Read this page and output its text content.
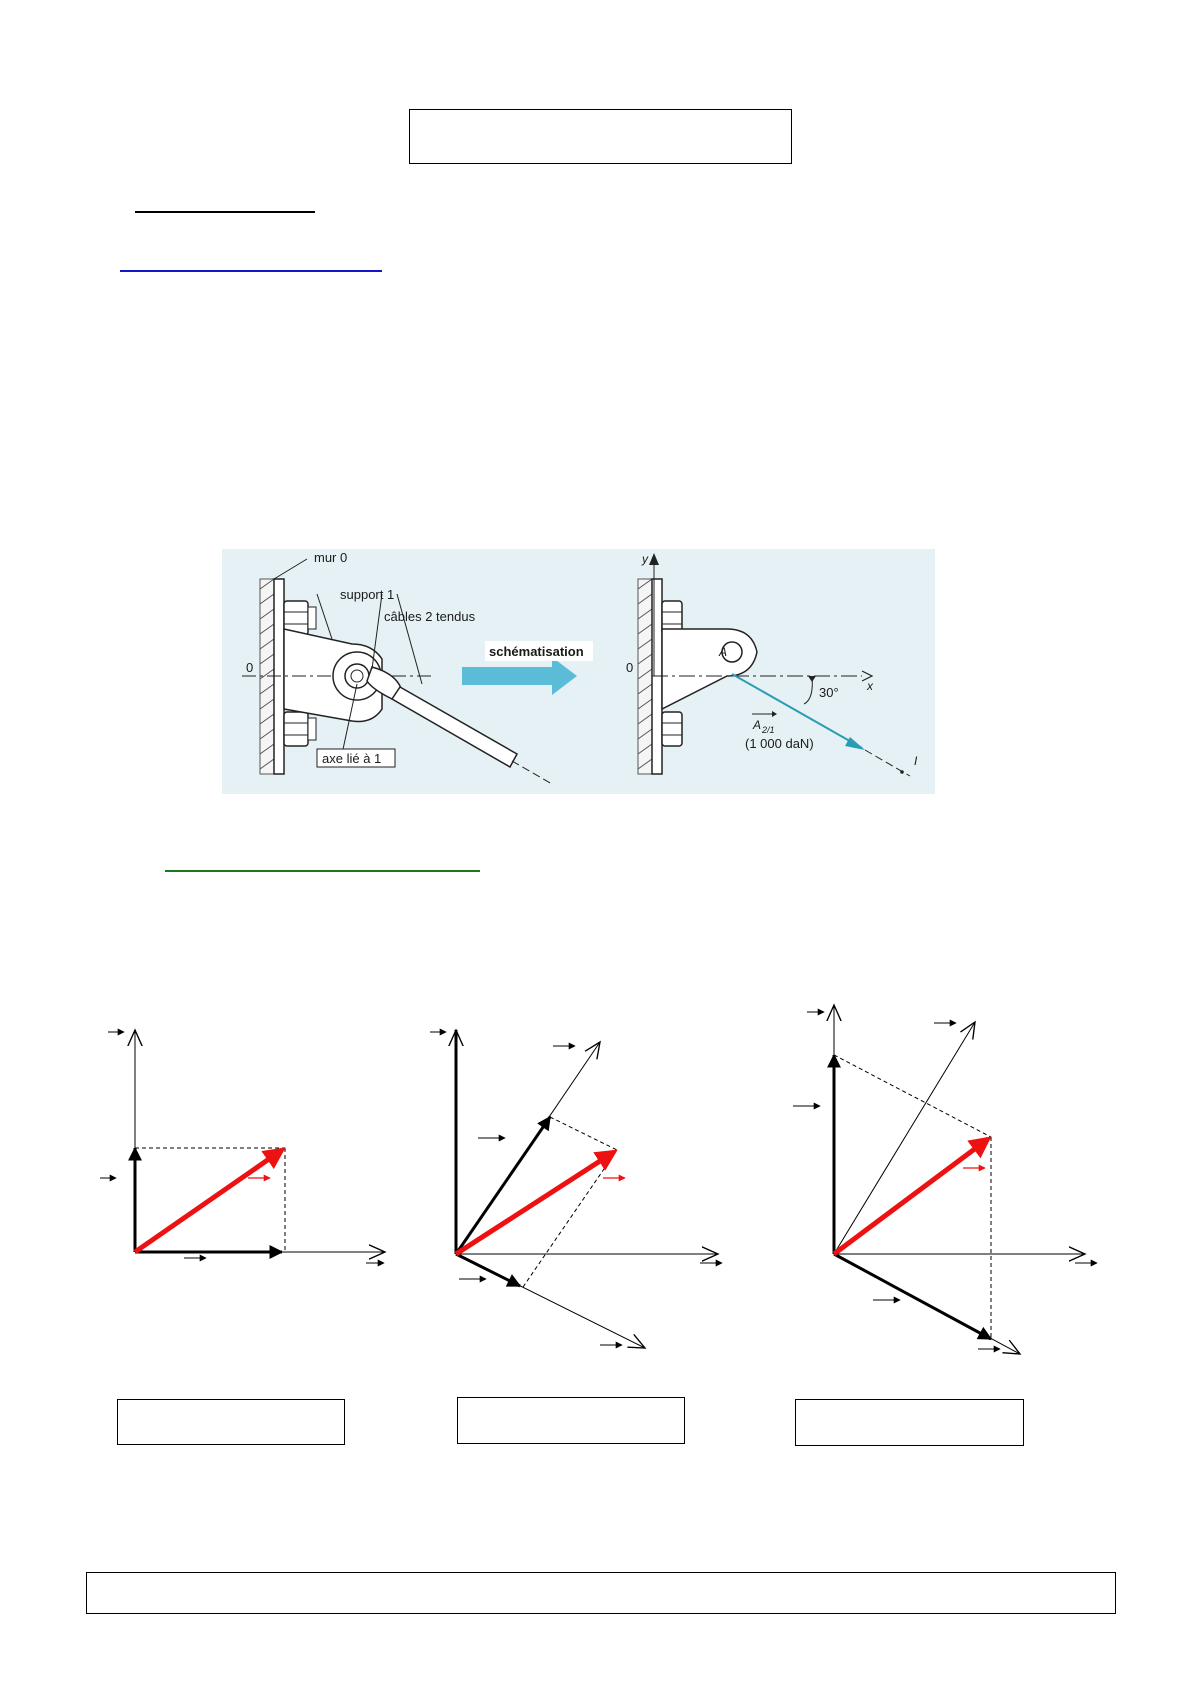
mur 0
support 1
câbles 2 tendus
0
axe lié à 1
schématisation
y
x
0
A
30°
A 2/1
(1 000 daN)
I
